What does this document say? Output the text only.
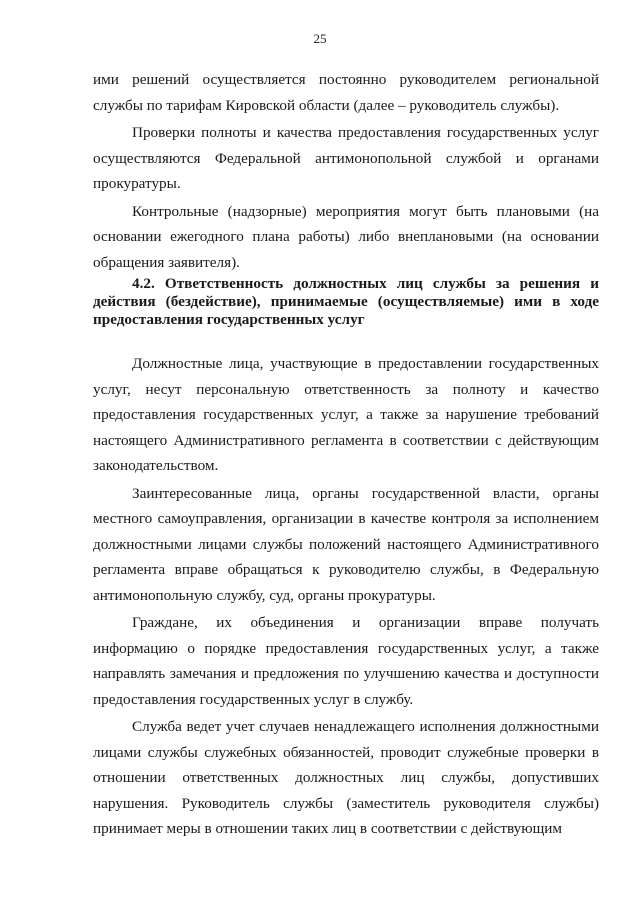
25

ими решений осуществляется постоянно руководителем региональной службы по тарифам Кировской области (далее – руководитель службы).

Проверки полноты и качества предоставления государственных услуг осуществляются Федеральной антимонопольной службой и органами прокуратуры.

Контрольные (надзорные) мероприятия могут быть плановыми (на основании ежегодного плана работы) либо внеплановыми (на основании обращения заявителя).

4.2. Ответственность должностных лиц службы за решения и действия (бездействие), принимаемые (осуществляемые) ими в ходе предоставления государственных услуг

Должностные лица, участвующие в предоставлении государственных услуг, несут персональную ответственность за полноту и качество предоставления государственных услуг, а также за нарушение требований настоящего Административного регламента в соответствии с действующим законодательством.

Заинтересованные лица, органы государственной власти, органы местного самоуправления, организации в качестве контроля за исполнением должностными лицами службы положений настоящего Административного регламента вправе обращаться к руководителю службы, в Федеральную антимонопольную службу, суд, органы прокуратуры.

Граждане, их объединения и организации вправе получать информацию о порядке предоставления государственных услуг, а также направлять замечания и предложения по улучшению качества и доступности предоставления государственных услуг в службу.

Служба ведет учет случаев ненадлежащего исполнения должностными лицами службы служебных обязанностей, проводит служебные проверки в отношении ответственных должностных лиц службы, допустивших нарушения. Руководитель службы (заместитель руководителя службы) принимает меры в отношении таких лиц в соответствии с действующим
